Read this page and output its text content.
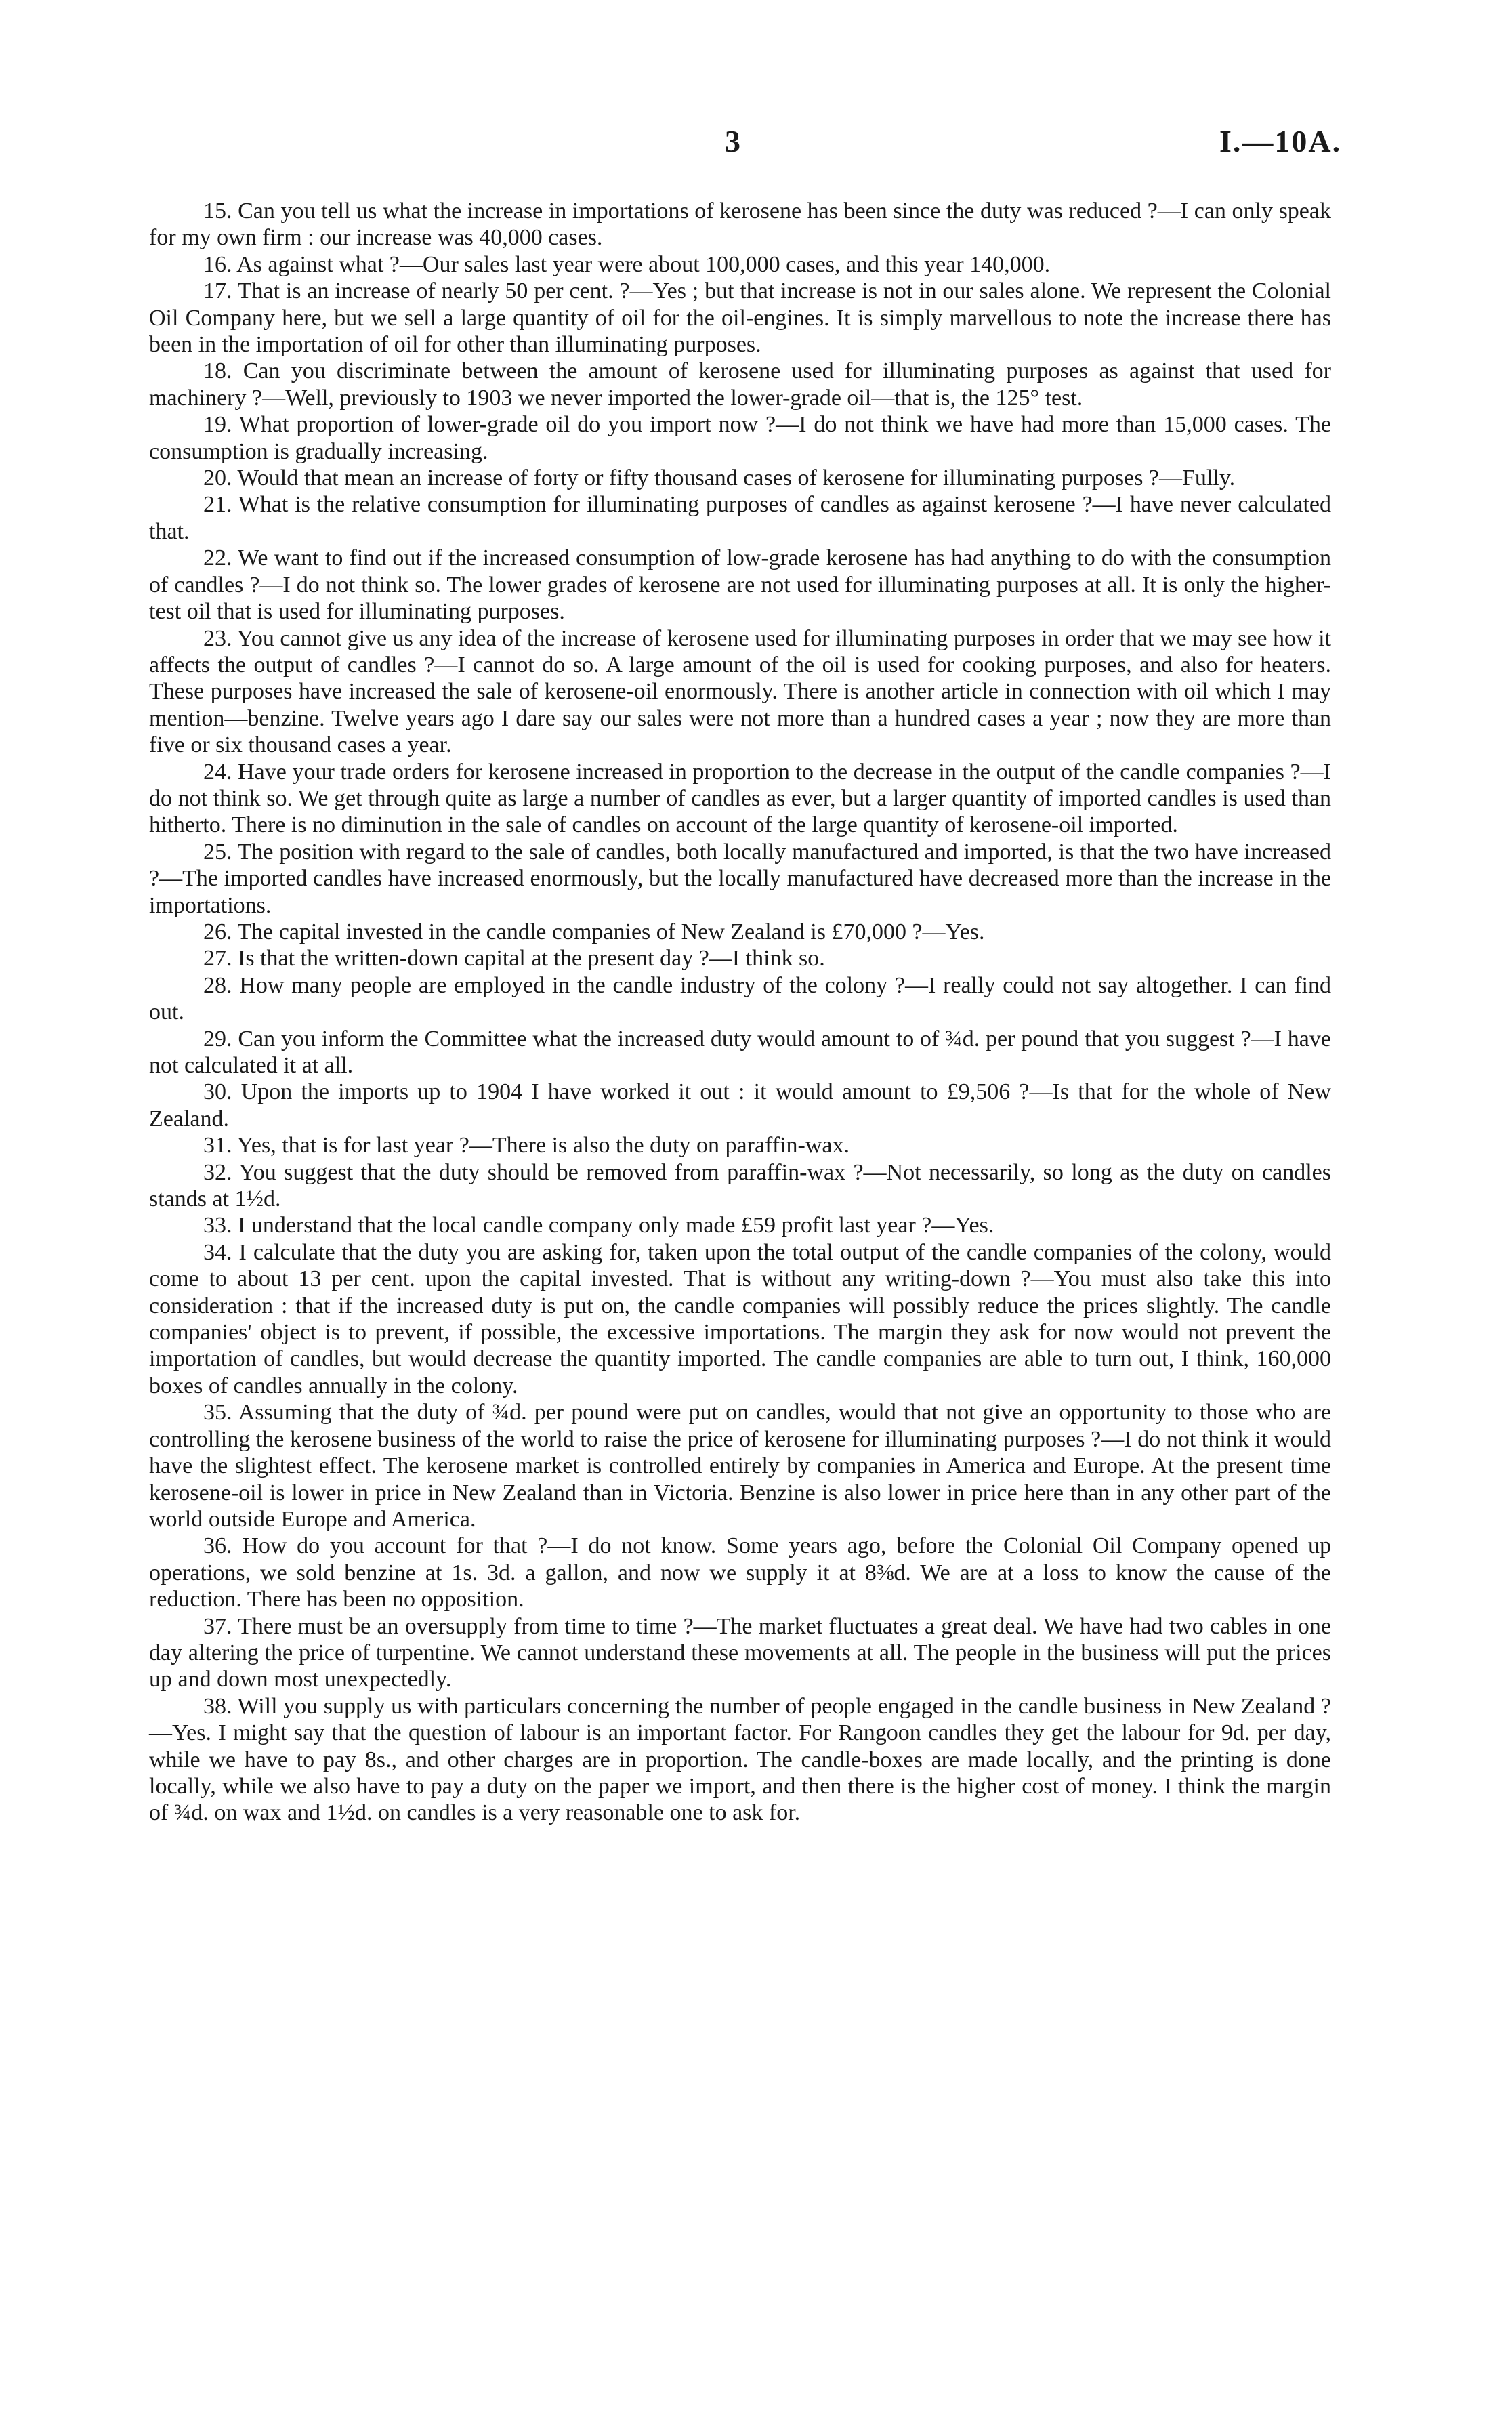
3	I.—10A.

15. Can you tell us what the increase in importations of kerosene has been since the duty was reduced ?—I can only speak for my own firm : our increase was 40,000 cases.

16. As against what ?—Our sales last year were about 100,000 cases, and this year 140,000.

17. That is an increase of nearly 50 per cent. ?—Yes ; but that increase is not in our sales alone. We represent the Colonial Oil Company here, but we sell a large quantity of oil for the oil-engines. It is simply marvellous to note the increase there has been in the importation of oil for other than illuminating purposes.

18. Can you discriminate between the amount of kerosene used for illuminating purposes as against that used for machinery ?—Well, previously to 1903 we never imported the lower-grade oil—that is, the 125° test.

19. What proportion of lower-grade oil do you import now ?—I do not think we have had more than 15,000 cases. The consumption is gradually increasing.

20. Would that mean an increase of forty or fifty thousand cases of kerosene for illuminating purposes ?—Fully.

21. What is the relative consumption for illuminating purposes of candles as against kerosene ?—I have never calculated that.

22. We want to find out if the increased consumption of low-grade kerosene has had anything to do with the consumption of candles ?—I do not think so. The lower grades of kerosene are not used for illuminating purposes at all. It is only the higher-test oil that is used for illuminating purposes.

23. You cannot give us any idea of the increase of kerosene used for illuminating purposes in order that we may see how it affects the output of candles ?—I cannot do so. A large amount of the oil is used for cooking purposes, and also for heaters. These purposes have increased the sale of kerosene-oil enormously. There is another article in connection with oil which I may mention—benzine. Twelve years ago I dare say our sales were not more than a hundred cases a year ; now they are more than five or six thousand cases a year.

24. Have your trade orders for kerosene increased in proportion to the decrease in the output of the candle companies ?—I do not think so. We get through quite as large a number of candles as ever, but a larger quantity of imported candles is used than hitherto. There is no diminution in the sale of candles on account of the large quantity of kerosene-oil imported.

25. The position with regard to the sale of candles, both locally manufactured and imported, is that the two have increased ?—The imported candles have increased enormously, but the locally manufactured have decreased more than the increase in the importations.

26. The capital invested in the candle companies of New Zealand is £70,000 ?—Yes.

27. Is that the written-down capital at the present day ?—I think so.

28. How many people are employed in the candle industry of the colony ?—I really could not say altogether. I can find out.

29. Can you inform the Committee what the increased duty would amount to of ¾d. per pound that you suggest ?—I have not calculated it at all.

30. Upon the imports up to 1904 I have worked it out : it would amount to £9,506 ?—Is that for the whole of New Zealand.

31. Yes, that is for last year ?—There is also the duty on paraffin-wax.

32. You suggest that the duty should be removed from paraffin-wax ?—Not necessarily, so long as the duty on candles stands at 1½d.

33. I understand that the local candle company only made £59 profit last year ?—Yes.

34. I calculate that the duty you are asking for, taken upon the total output of the candle companies of the colony, would come to about 13 per cent. upon the capital invested. That is without any writing-down ?—You must also take this into consideration : that if the increased duty is put on, the candle companies will possibly reduce the prices slightly. The candle companies' object is to prevent, if possible, the excessive importations. The margin they ask for now would not prevent the importation of candles, but would decrease the quantity imported. The candle companies are able to turn out, I think, 160,000 boxes of candles annually in the colony.

35. Assuming that the duty of ¾d. per pound were put on candles, would that not give an opportunity to those who are controlling the kerosene business of the world to raise the price of kerosene for illuminating purposes ?—I do not think it would have the slightest effect. The kerosene market is controlled entirely by companies in America and Europe. At the present time kerosene-oil is lower in price in New Zealand than in Victoria. Benzine is also lower in price here than in any other part of the world outside Europe and America.

36. How do you account for that ?—I do not know. Some years ago, before the Colonial Oil Company opened up operations, we sold benzine at 1s. 3d. a gallon, and now we supply it at 8⅜d. We are at a loss to know the cause of the reduction. There has been no opposition.

37. There must be an oversupply from time to time ?—The market fluctuates a great deal. We have had two cables in one day altering the price of turpentine. We cannot understand these movements at all. The people in the business will put the prices up and down most unexpectedly.

38. Will you supply us with particulars concerning the number of people engaged in the candle business in New Zealand ?—Yes. I might say that the question of labour is an important factor. For Rangoon candles they get the labour for 9d. per day, while we have to pay 8s., and other charges are in proportion. The candle-boxes are made locally, and the printing is done locally, while we also have to pay a duty on the paper we import, and then there is the higher cost of money. I think the margin of ¾d. on wax and 1½d. on candles is a very reasonable one to ask for.
